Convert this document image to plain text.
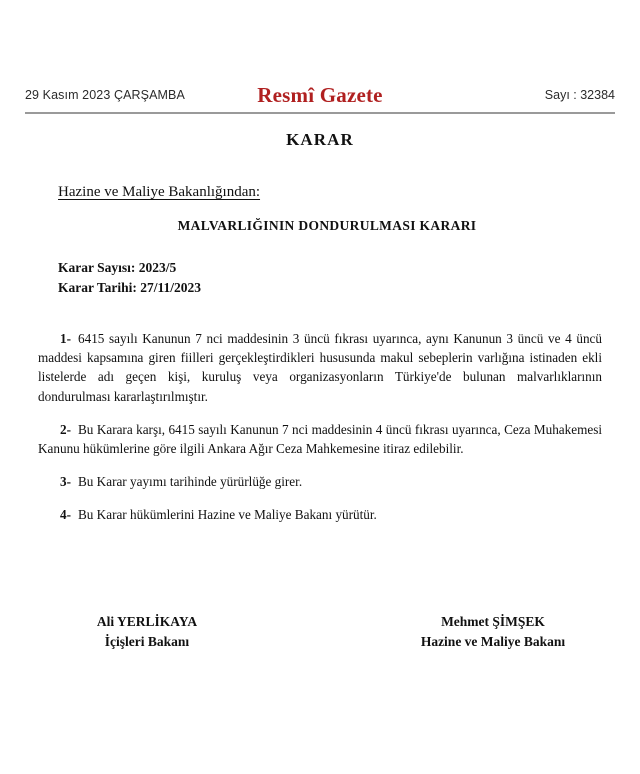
29 Kasım 2023 ÇARŞAMBA	Resmî Gazete	Sayı : 32384
KARAR
Hazine ve Maliye Bakanlığından:
MALVARLIĞININ DONDURULMASI KARARI
Karar Sayısı: 2023/5
Karar Tarihi: 27/11/2023

1- 6415 sayılı Kanunun 7 nci maddesinin 3 üncü fıkrası uyarınca, aynı Kanunun 3 üncü ve 4 üncü maddesi kapsamına giren fiilleri gerçekleştirdikleri hususunda makul sebeplerin varlığına istinaden ekli listelerde adı geçen kişi, kuruluş veya organizasyonların Türkiye'de bulunan malvarlıklarının dondurulması kararlaştırılmıştır.

2- Bu Karara karşı, 6415 sayılı Kanunun 7 nci maddesinin 4 üncü fıkrası uyarınca, Ceza Muhakemesi Kanunu hükümlerine göre ilgili Ankara Ağır Ceza Mahkemesine itiraz edilebilir.

3- Bu Karar yayımı tarihinde yürürlüğe girer.

4- Bu Karar hükümlerini Hazine ve Maliye Bakanı yürütür.

Ali YERLİKAYA
İçişleri Bakanı
Mehmet ŞİMŞEK
Hazine ve Maliye Bakanı
